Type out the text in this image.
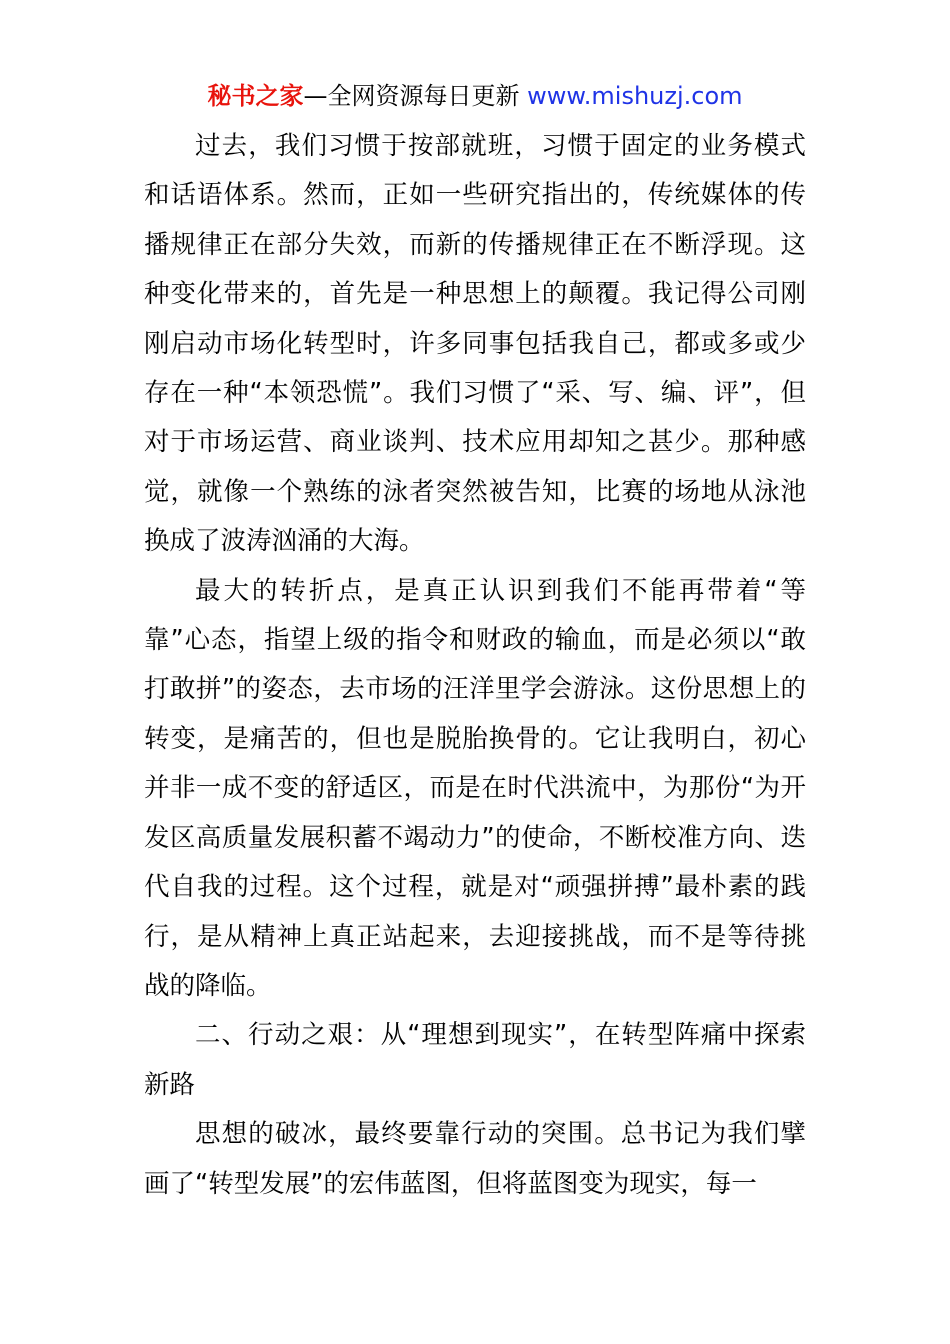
秘书之家—全网资源每日更新 www.mishuzj.com

过去，我们习惯于按部就班，习惯于固定的业务模式和话语体系。然而，正如一些研究指出的，传统媒体的传播规律正在部分失效，而新的传播规律正在不断浮现。这种变化带来的，首先是一种思想上的颠覆。我记得公司刚刚启动市场化转型时，许多同事包括我自己，都或多或少存在一种“本领恐慌”。我们习惯了“采、写、编、评”，但对于市场运营、商业谈判、技术应用却知之甚少。那种感觉，就像一个熟练的泳者突然被告知，比赛的场地从泳池换成了波涛汹涌的大海。

最大的转折点，是真正认识到我们不能再带着“等靠”心态，指望上级的指令和财政的输血，而是必须以“敢打敢拼”的姿态，去市场的汪洋里学会游泳。这份思想上的转变，是痛苦的，但也是脱胎换骨的。它让我明白，初心并非一成不变的舒适区，而是在时代洪流中，为那份“为开发区高质量发展积蓄不竭动力”的使命，不断校准方向、迭代自我的过程。这个过程，就是对“顽强拼搏”最朴素的践行，是从精神上真正站起来，去迎接挑战，而不是等待挑战的降临。

二、行动之艰：从“理想到现实”，在转型阵痛中探索新路

思想的破冰，最终要靠行动的突围。总书记为我们擘画了“转型发展”的宏伟蓝图，但将蓝图变为现实，每一
